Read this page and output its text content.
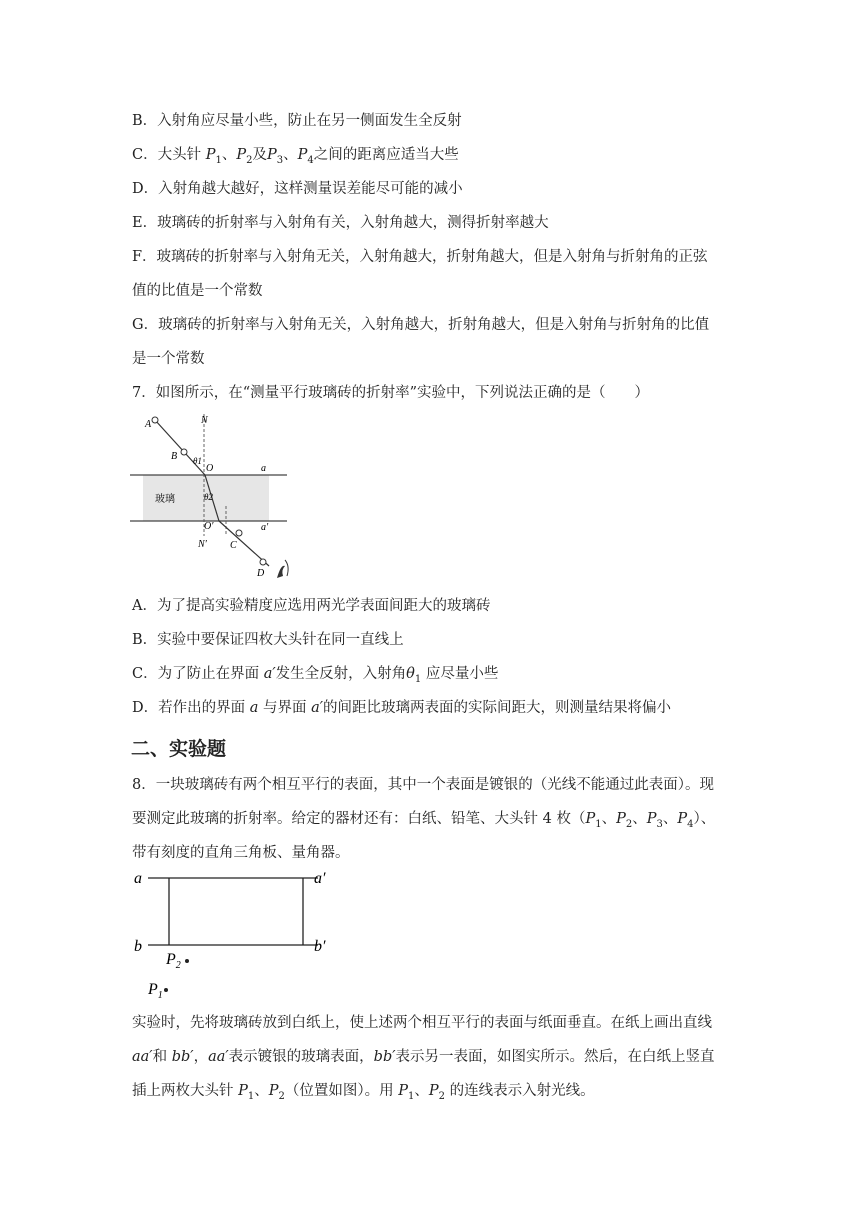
B．入射角应尽量小些，防止在另一侧面发生全反射
C．大头针 $P_1$、$P_2$及$P_3$、$P_4$之间的距离应适当大些
D．入射角越大越好，这样测量误差能尽可能的减小
E．玻璃砖的折射率与入射角有关，入射角越大，测得折射率越大
F．玻璃砖的折射率与入射角无关，入射角越大，折射角越大，但是入射角与折射角的正弦
值的比值是一个常数
G．玻璃砖的折射率与入射角无关，入射角越大，折射角越大，但是入射角与折射角的比值
是一个常数
7．如图所示，在“测量平行玻璃砖的折射率”实验中，下列说法正确的是（　　）
A	N
B θ1
O	a
玻璃	θ2
O′	a′
N′ C
D
A．为了提高实验精度应选用两光学表面间距大的玻璃砖
B．实验中要保证四枚大头针在同一直线上
C．为了防止在界面 a′发生全反射，入射角$\theta_1$ 应尽量小些
D．若作出的界面 a 与界面 a′的间距比玻璃两表面的实际间距大，则测量结果将偏小
二、实验题
8．一块玻璃砖有两个相互平行的表面，其中一个表面是镀银的（光线不能通过此表面）。现
要测定此玻璃的折射率。给定的器材还有：白纸、铅笔、大头针 4 枚（$P_1$、$P_2$、$P_3$、$P_4$）、
带有刻度的直角三角板、量角器。
a	a′
b	b′
$P_2$
$P_1$
实验时，先将玻璃砖放到白纸上，使上述两个相互平行的表面与纸面垂直。在纸上画出直线
aa′和 bb′，aa′表示镀银的玻璃表面，bb′表示另一表面，如图实所示。然后，在白纸上竖直
插上两枚大头针 $P_1$、$P_2$（位置如图）。用 $P_1$、$P_2$ 的连线表示入射光线。
